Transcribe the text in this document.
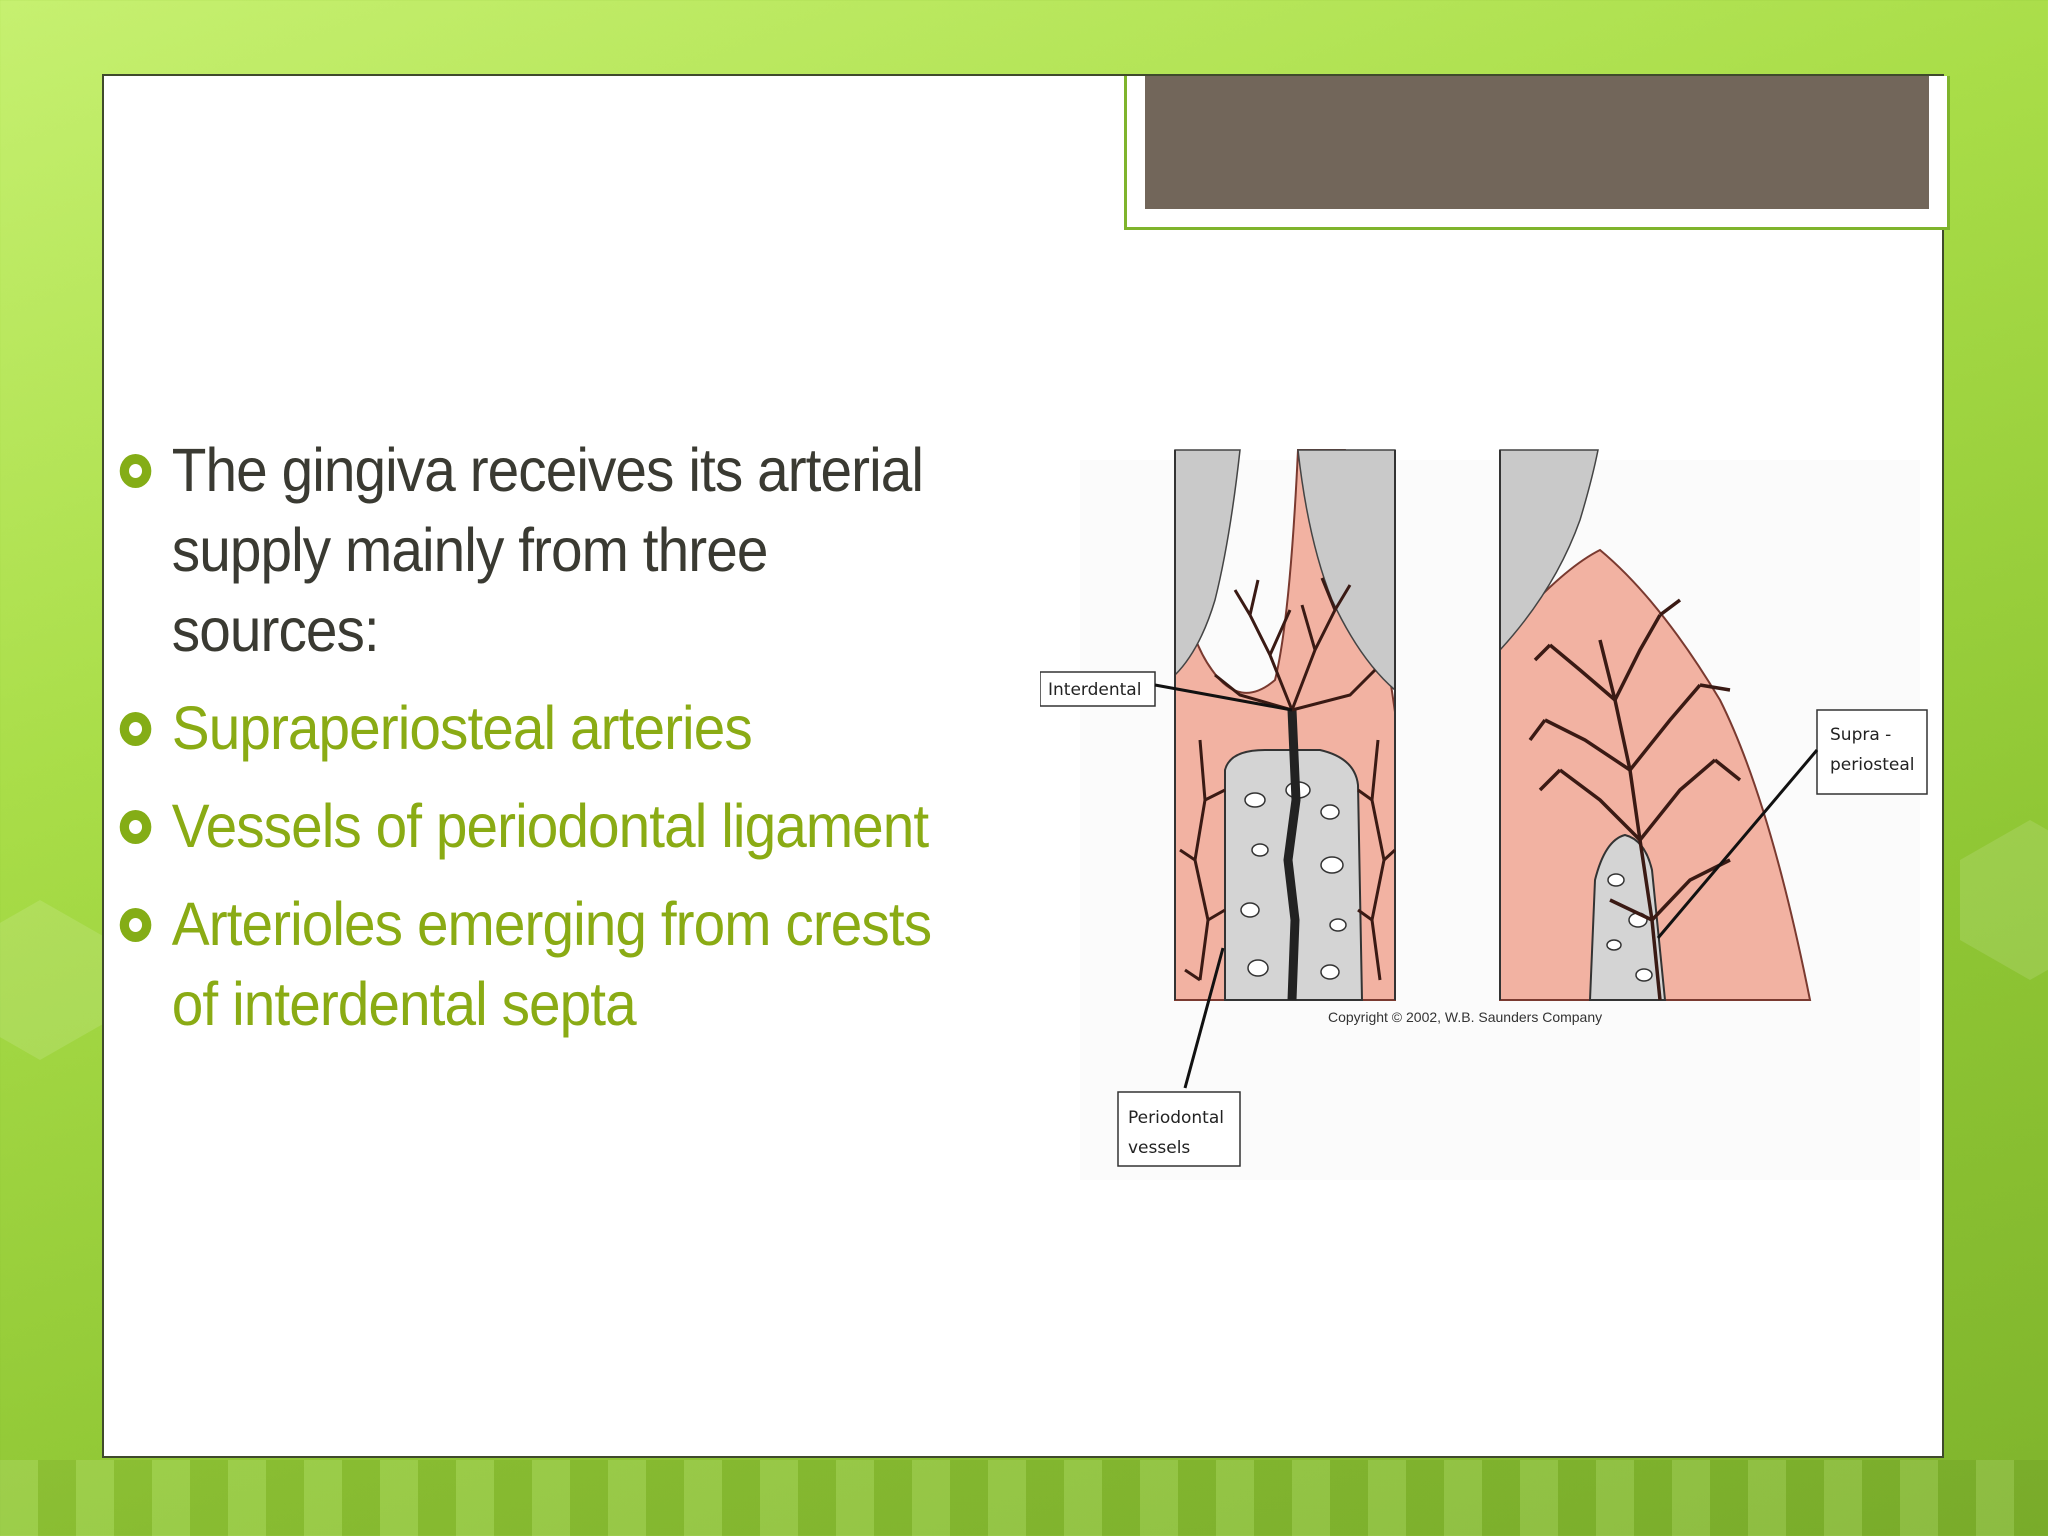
The gingiva receives its arterial supply mainly from three sources:
Supraperiosteal arteries
Vessels of periodontal ligament
Arterioles emerging from crests of interdental septa
Interdental
Supra -
periosteal
Copyright © 2002, W.B. Saunders Company
Periodontal
vessels
